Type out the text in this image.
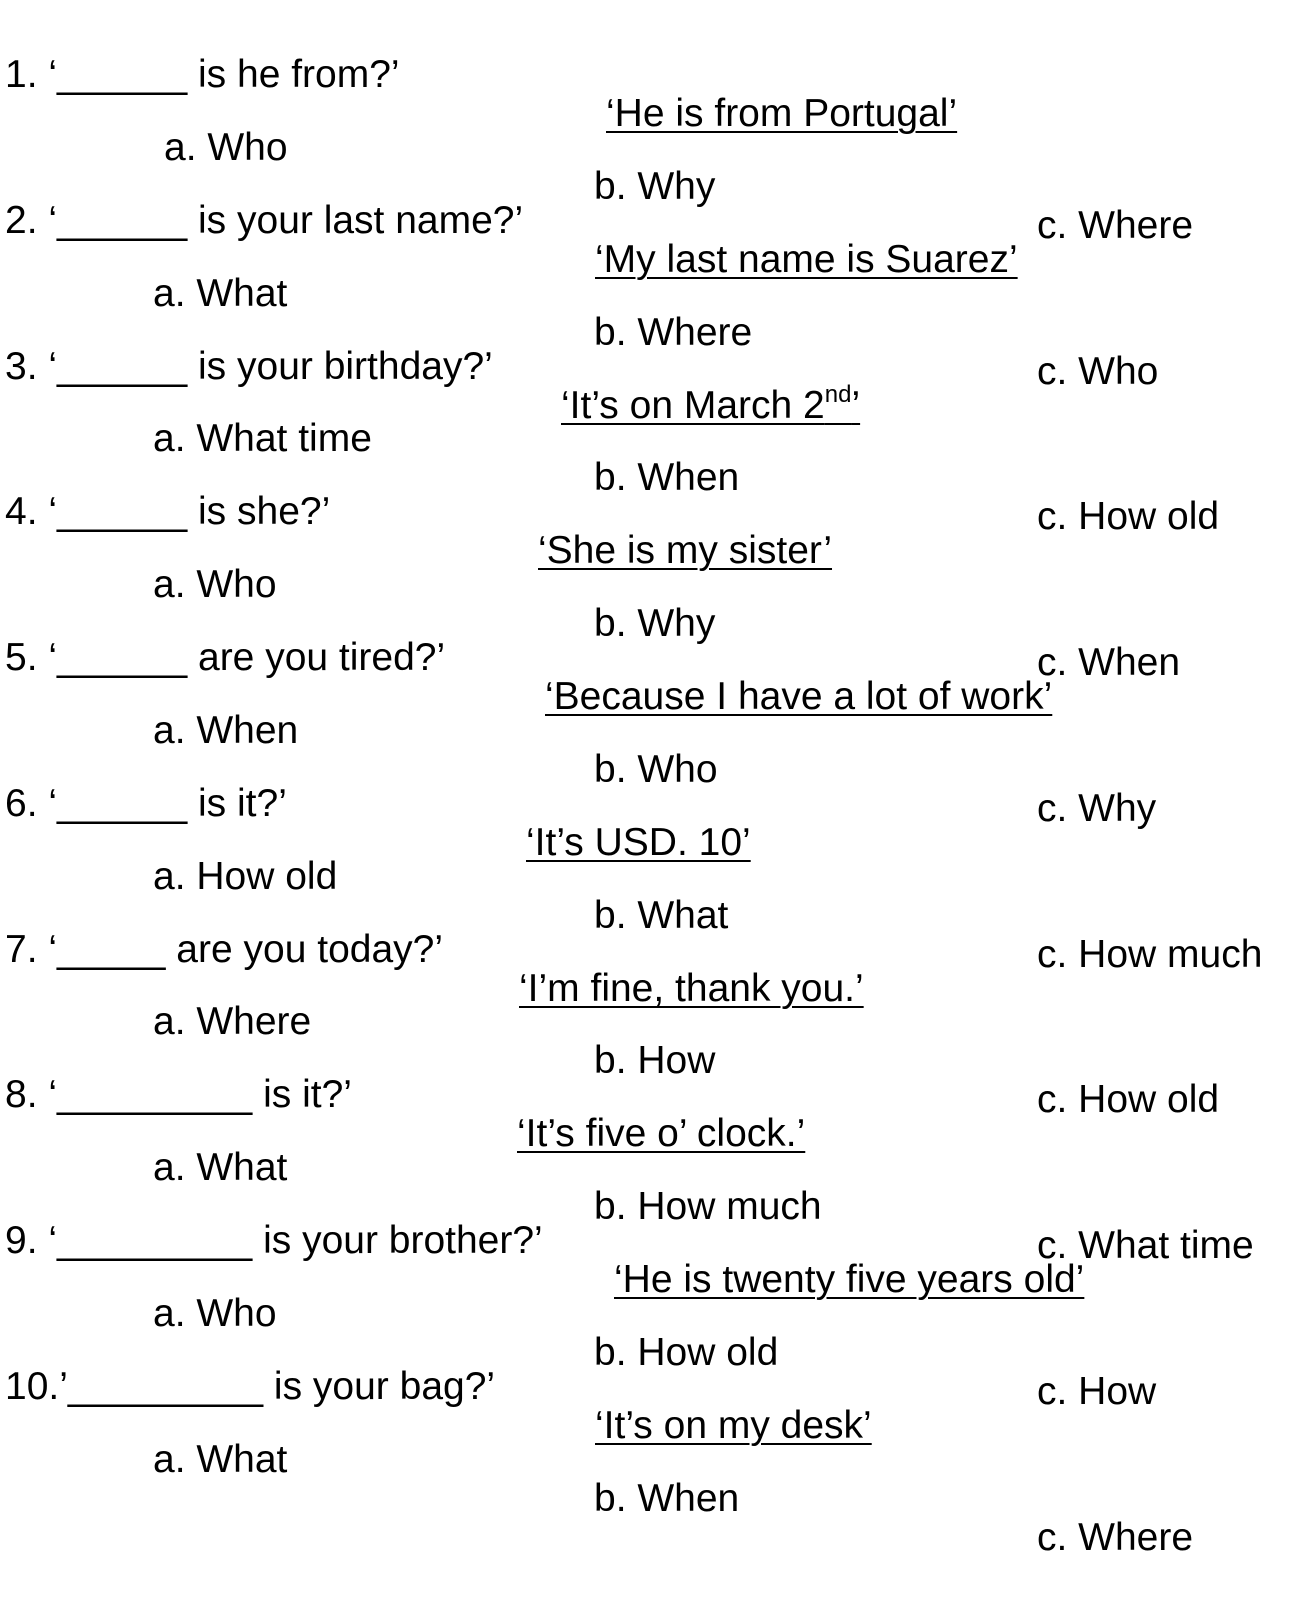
1. ‘______ is he from?’

‘He is from Portugal’

a. Who

b. Why

c. Where

2. ‘______ is your last name?’

‘My last name is Suarez’

a. What

b. Where

c. Who

3. ‘______ is your birthday?’

‘It’s on March 2nd’

a. What time

b. When

c. How old

4. ‘______ is she?’

‘She is my sister’

a. Who

b. Why

c. When

5. ‘______ are you tired?’

‘Because I have a lot of work’

a. When

b. Who

c. Why

6. ‘______ is it?’

‘It’s USD. 10’

a. How old

b. What

c. How much

7. ‘_____ are you today?’

‘I’m fine, thank you.’

a. Where

b. How

c. How old

8. ‘_________ is it?’

‘It’s five o’ clock.’

a. What

b. How much

c. What time

9. ‘_________ is your brother?’

‘He is twenty five years old’

a. Who

b. How old

c. How

10.’_________ is your bag?’

‘It’s on my desk’

a. What

b. When

c. Where
